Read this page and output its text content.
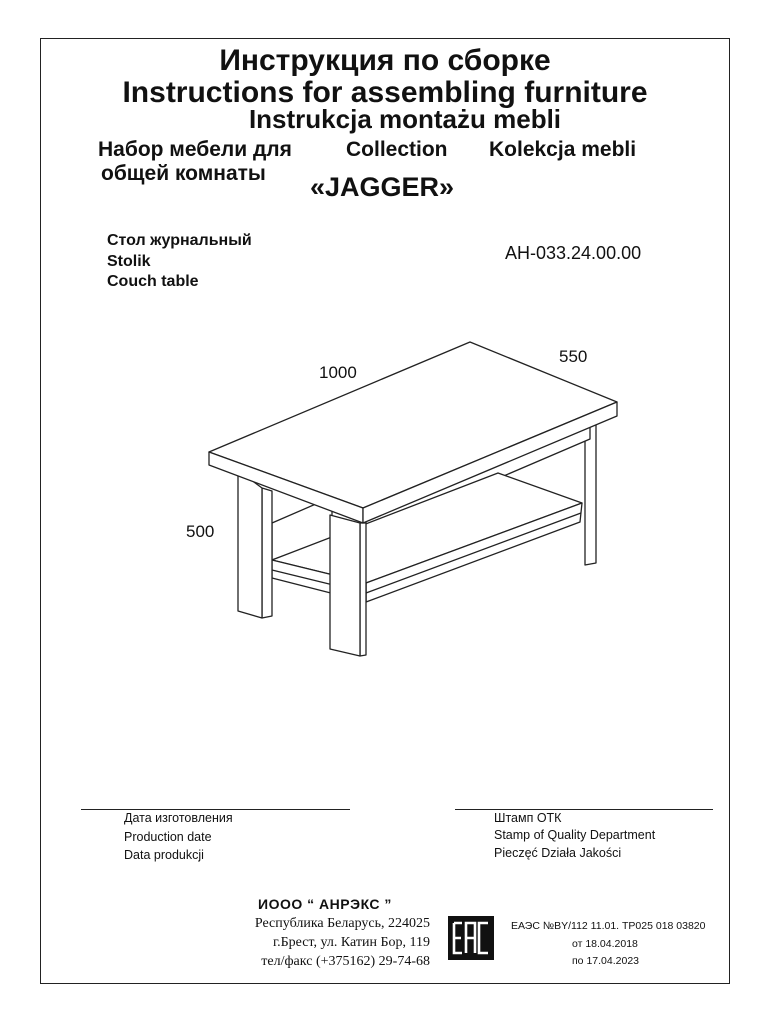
Инструкция по сборке
Instructions for assembling furniture
Instrukcja montażu mebli
Набор мебели для	Collection Kolekcja mebli
общей комнаты «JAGGER»
Стол журнальный
Stolik
Couch table
АН-033.24.00.00
1000
550
500
Дата изготовления
Production date
Data produkcji
Штамп ОТК
Stamp of Quality Department
Pieczęć Działa Jakości
ИООО “ АНРЭКС ”
Республика Беларусь, 224025
г.Брест, ул. Катин Бор, 119
тел/факс (+375162) 29-74-68
ЕАЭС №BY/112 11.01. ТР025 018 03820
от 18.04.2018
по 17.04.2023
